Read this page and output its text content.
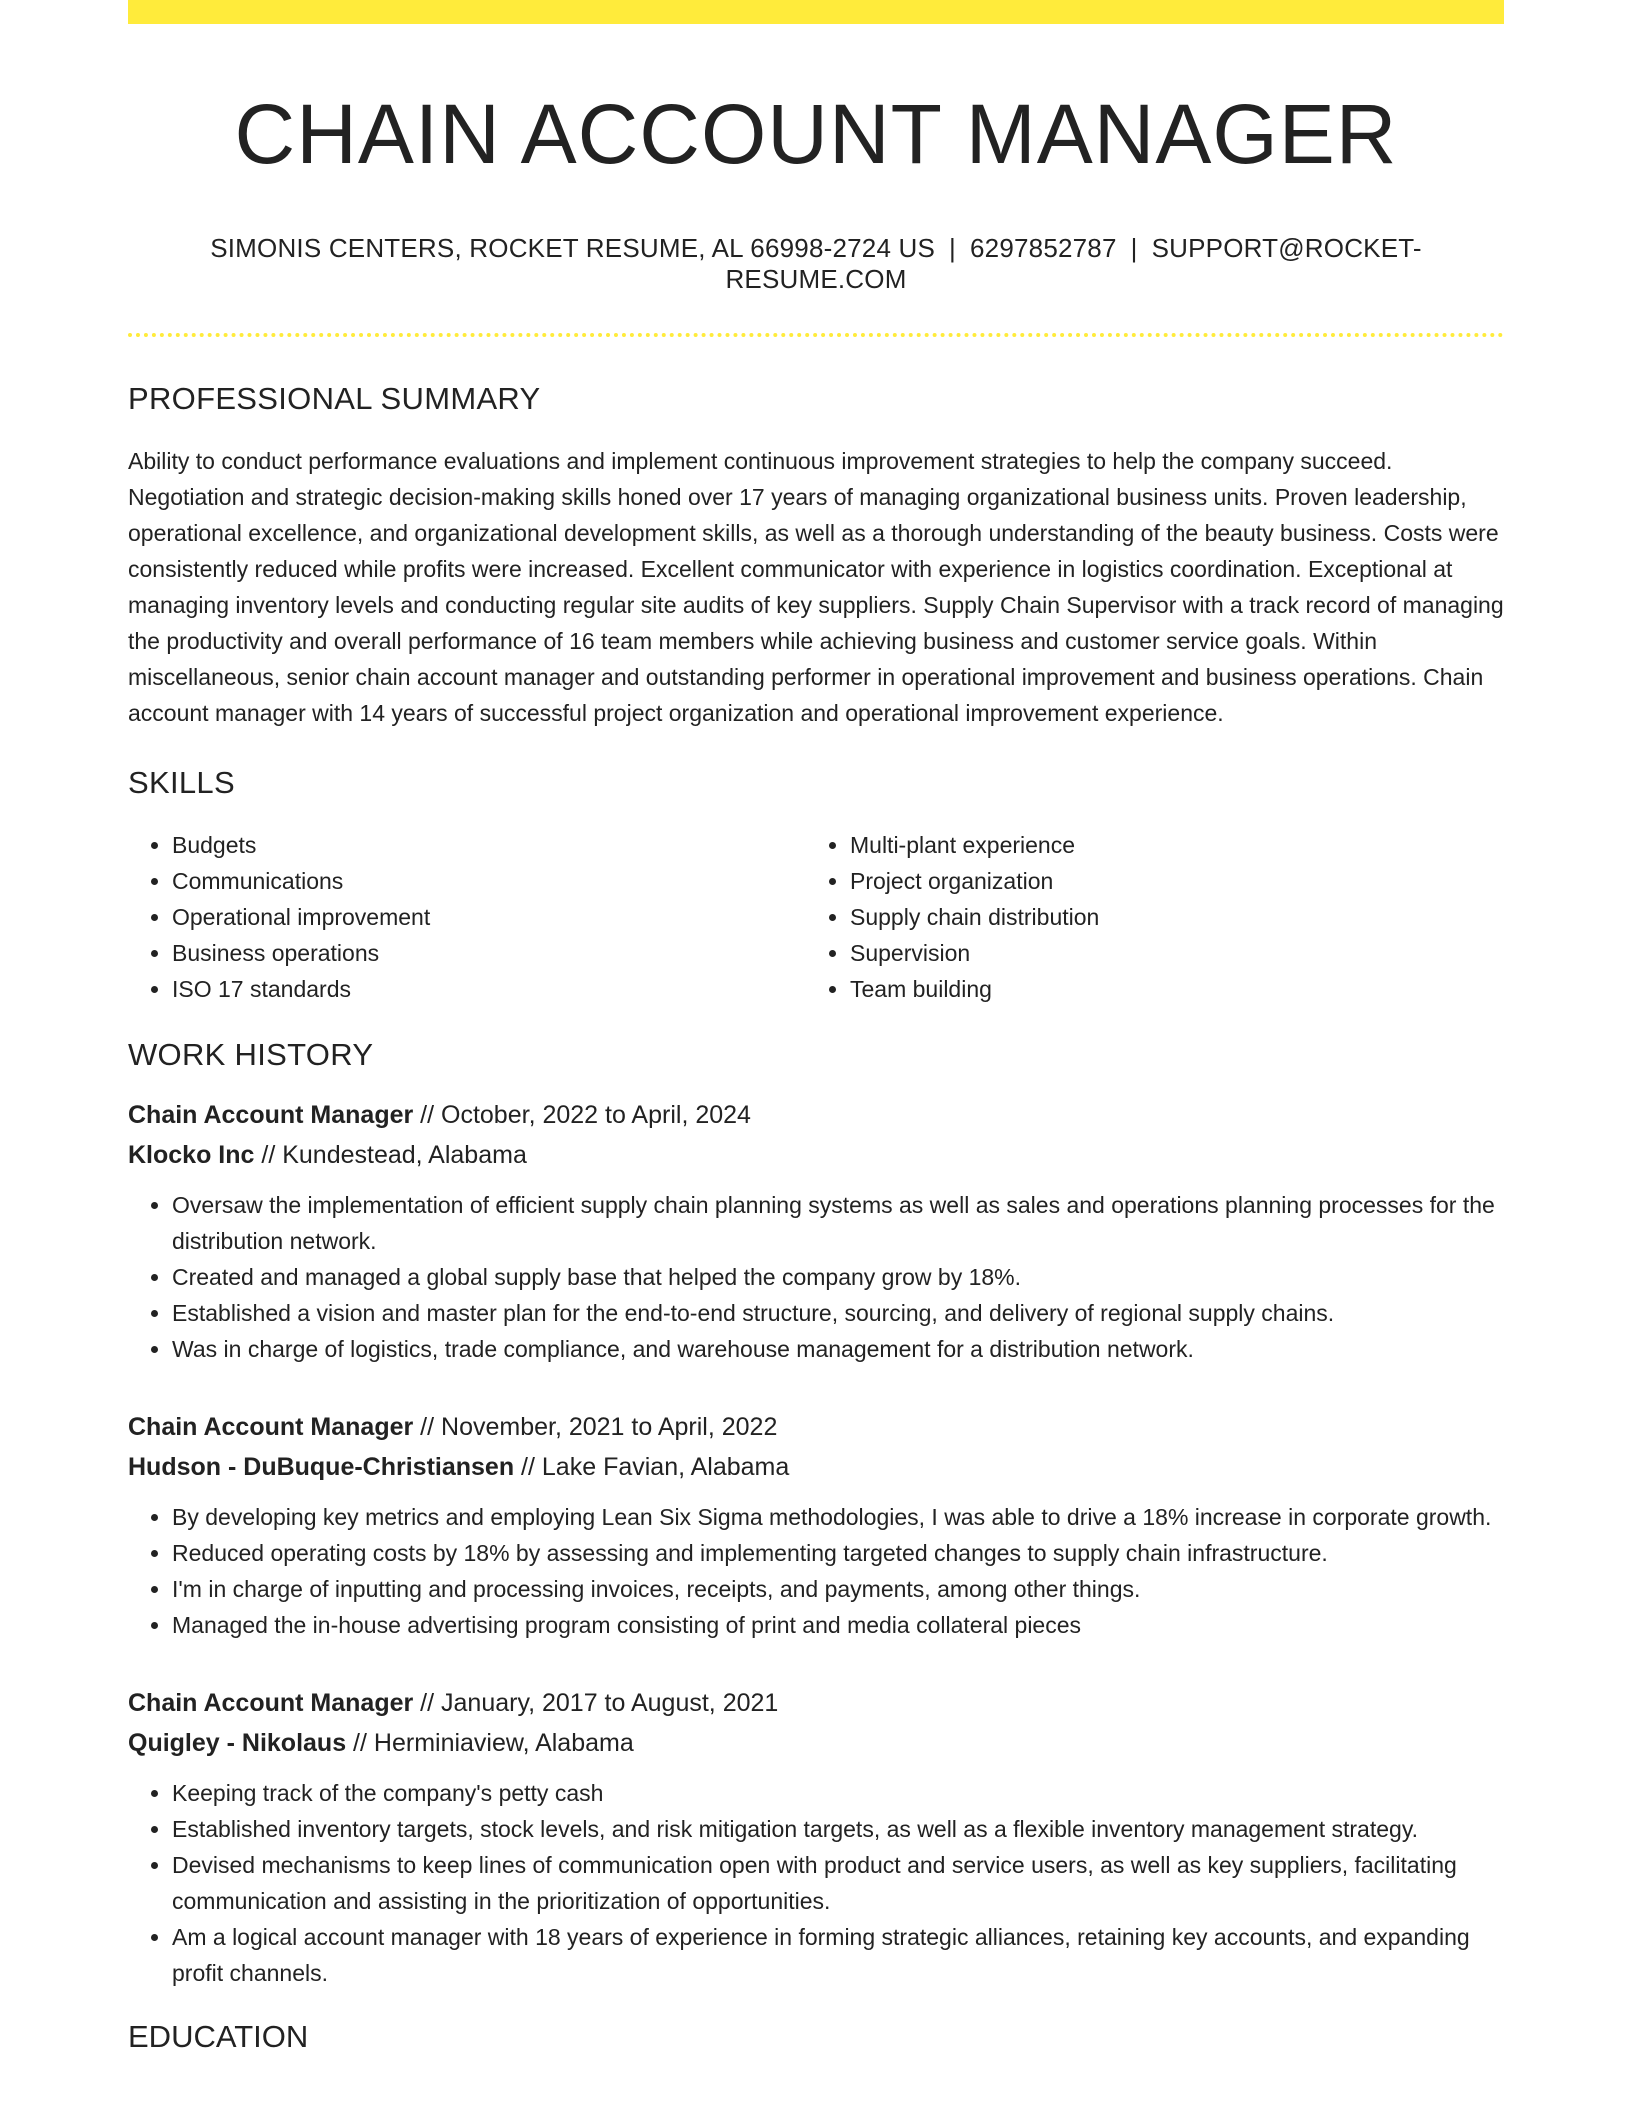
CHAIN ACCOUNT MANAGER
SIMONIS CENTERS, ROCKET RESUME, AL 66998-2724 US | 6297852787 | SUPPORT@ROCKET-RESUME.COM
PROFESSIONAL SUMMARY

Ability to conduct performance evaluations and implement continuous improvement strategies to help the company succeed. Negotiation and strategic decision-making skills honed over 17 years of managing organizational business units. Proven leadership, operational excellence, and organizational development skills, as well as a thorough understanding of the beauty business. Costs were consistently reduced while profits were increased. Excellent communicator with experience in logistics coordination. Exceptional at managing inventory levels and conducting regular site audits of key suppliers. Supply Chain Supervisor with a track record of managing the productivity and overall performance of 16 team members while achieving business and customer service goals. Within miscellaneous, senior chain account manager and outstanding performer in operational improvement and business operations. Chain account manager with 14 years of successful project organization and operational improvement experience.

SKILLS
• Budgets
• Communications
• Operational improvement
• Business operations
• ISO 17 standards
• Multi-plant experience
• Project organization
• Supply chain distribution
• Supervision
• Team building
WORK HISTORY
Chain Account Manager // October, 2022 to April, 2024
Klocko Inc // Kundestead, Alabama
• Oversaw the implementation of efficient supply chain planning systems as well as sales and operations planning processes for the distribution network.
• Created and managed a global supply base that helped the company grow by 18%.
• Established a vision and master plan for the end-to-end structure, sourcing, and delivery of regional supply chains.
• Was in charge of logistics, trade compliance, and warehouse management for a distribution network.
Chain Account Manager // November, 2021 to April, 2022
Hudson - DuBuque-Christiansen // Lake Favian, Alabama
• By developing key metrics and employing Lean Six Sigma methodologies, I was able to drive a 18% increase in corporate growth.
• Reduced operating costs by 18% by assessing and implementing targeted changes to supply chain infrastructure.
• I'm in charge of inputting and processing invoices, receipts, and payments, among other things.
• Managed the in-house advertising program consisting of print and media collateral pieces
Chain Account Manager // January, 2017 to August, 2021
Quigley - Nikolaus // Herminiaview, Alabama
• Keeping track of the company's petty cash
• Established inventory targets, stock levels, and risk mitigation targets, as well as a flexible inventory management strategy.
• Devised mechanisms to keep lines of communication open with product and service users, as well as key suppliers, facilitating communication and assisting in the prioritization of opportunities.
• Am a logical account manager with 18 years of experience in forming strategic alliances, retaining key accounts, and expanding profit channels.
EDUCATION
